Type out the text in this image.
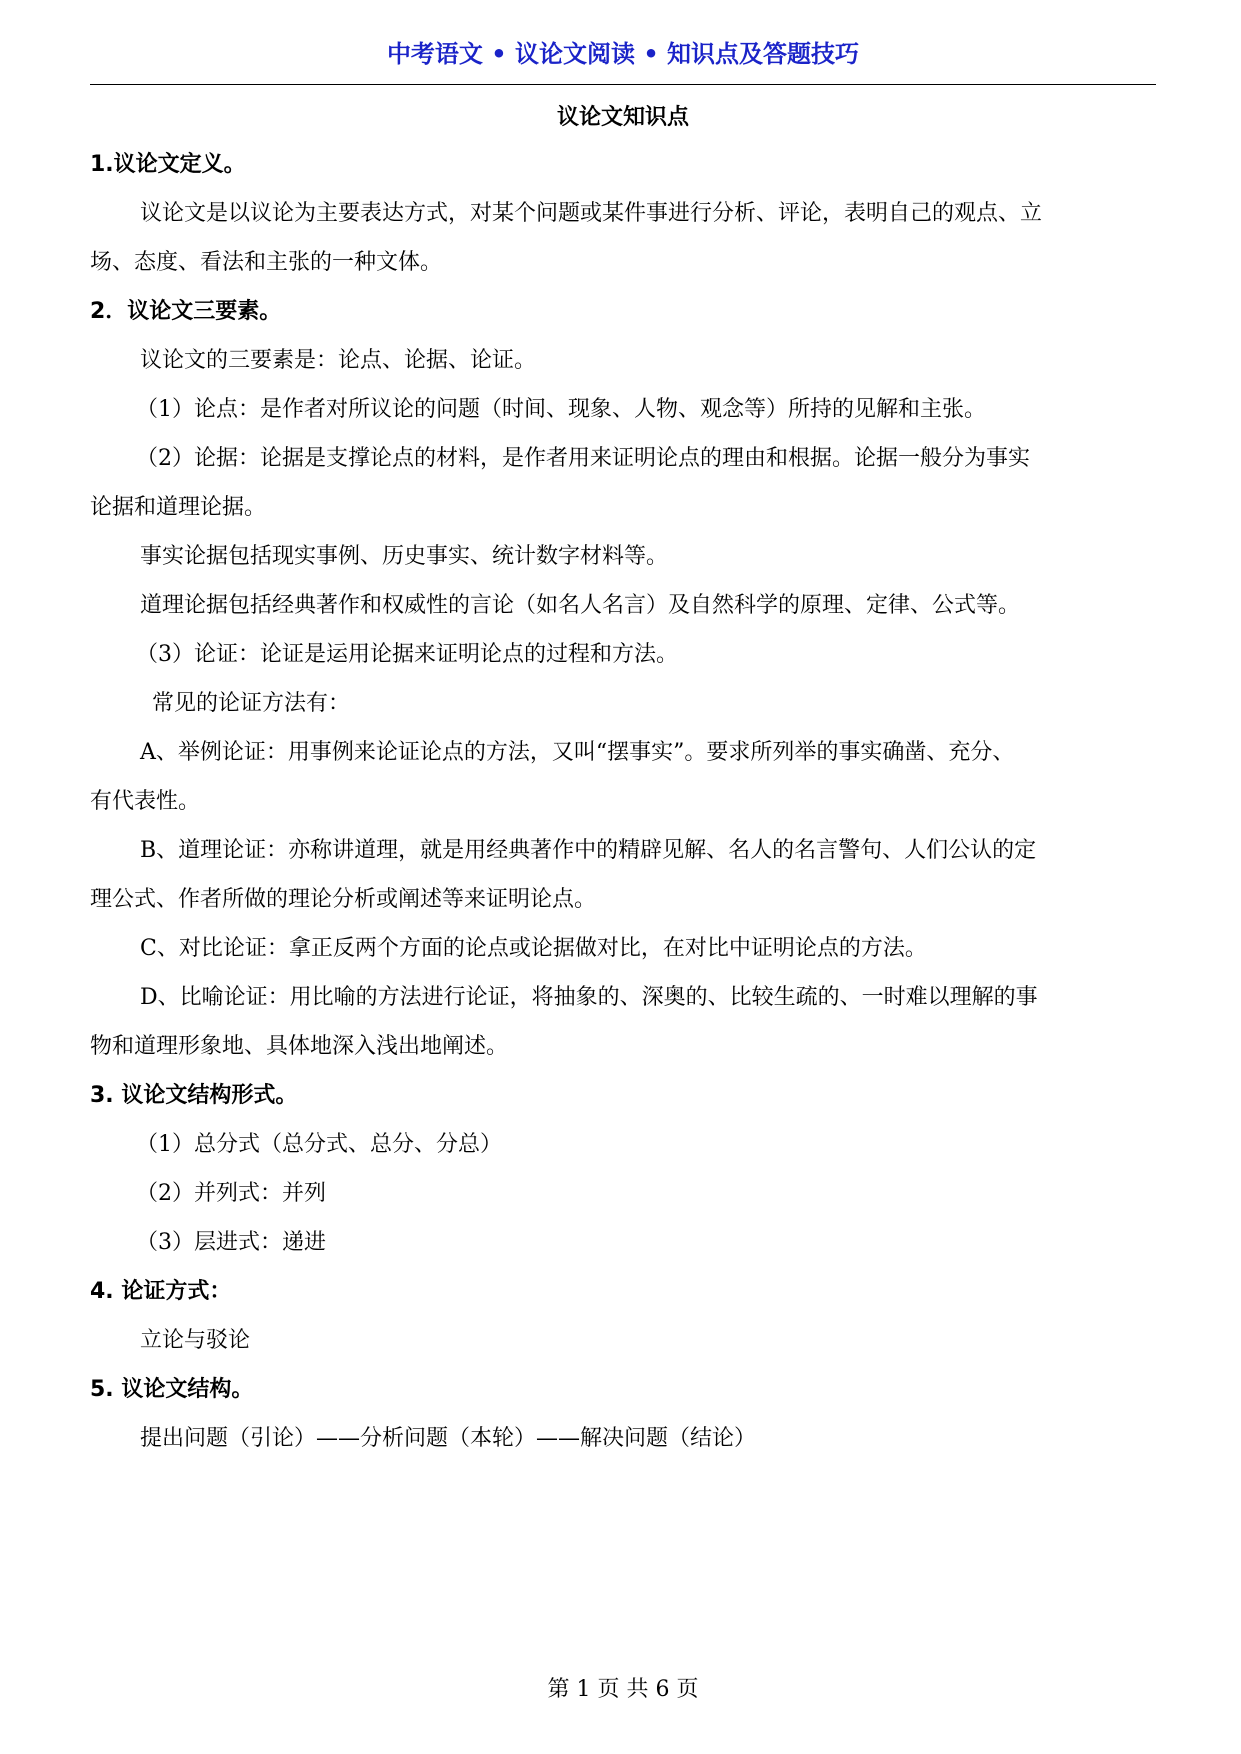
中考语文 • 议论文阅读 • 知识点及答题技巧
议论文知识点
1.议论文定义。
议论文是以议论为主要表达方式，对某个问题或某件事进行分析、评论，表明自己的观点、立
场、态度、看法和主张的一种文体。
2．议论文三要素。
议论文的三要素是：论点、论据、论证。
（1）论点：是作者对所议论的问题（时间、现象、人物、观念等）所持的见解和主张。
（2）论据：论据是支撑论点的材料，是作者用来证明论点的理由和根据。论据一般分为事实
论据和道理论据。
事实论据包括现实事例、历史事实、统计数字材料等。
道理论据包括经典著作和权威性的言论（如名人名言）及自然科学的原理、定律、公式等。
（3）论证：论证是运用论据来证明论点的过程和方法。
常见的论证方法有：
A、举例论证：用事例来论证论点的方法，又叫“摆事实”。要求所列举的事实确凿、充分、
有代表性。
B、道理论证：亦称讲道理，就是用经典著作中的精辟见解、名人的名言警句、人们公认的定
理公式、作者所做的理论分析或阐述等来证明论点。
C、对比论证：拿正反两个方面的论点或论据做对比，在对比中证明论点的方法。
D、比喻论证：用比喻的方法进行论证，将抽象的、深奥的、比较生疏的、一时难以理解的事
物和道理形象地、具体地深入浅出地阐述。
3. 议论文结构形式。
（1）总分式（总分式、总分、分总）
（2）并列式：并列
（3）层进式：递进
4. 论证方式：
立论与驳论
5. 议论文结构。
提出问题（引论）——分析问题（本轮）——解决问题（结论）
第 1 页 共 6 页
